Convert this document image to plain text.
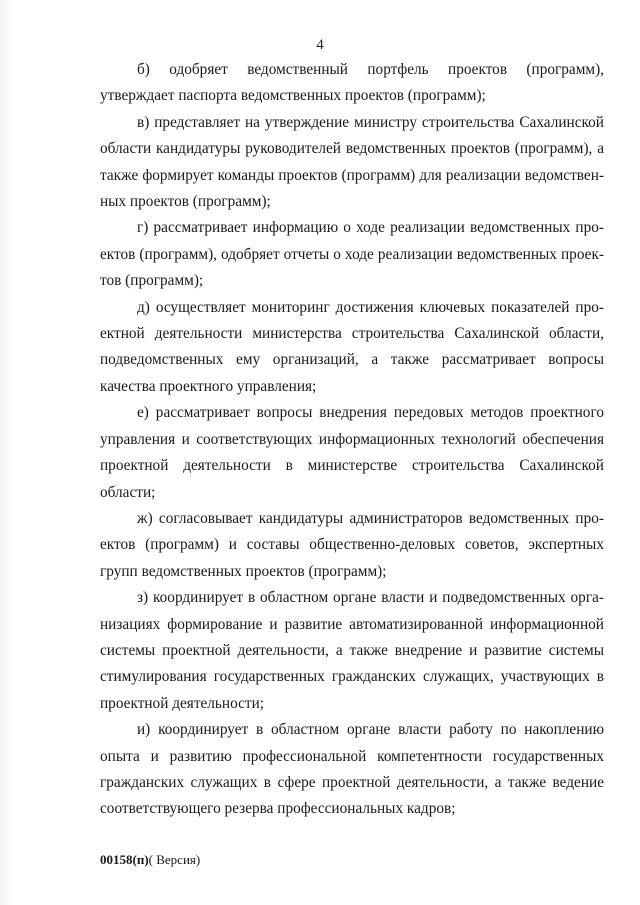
4

б) одобряет ведомственный портфель проектов (программ), утверждает паспорта ведомственных проектов (программ);

в) представляет на утверждение министру строительства Сахалинской области кандидатуры руководителей ведомственных проектов (программ), а также формирует команды проектов (программ) для реализации ведомственных проектов (программ);

г) рассматривает информацию о ходе реализации ведомственных проектов (программ), одобряет отчеты о ходе реализации ведомственных проектов (программ);

д) осуществляет мониторинг достижения ключевых показателей проектной деятельности министерства строительства Сахалинской области, подведомственных ему организаций, а также рассматривает вопросы качества проектного управления;

е) рассматривает вопросы внедрения передовых методов проектного управления и соответствующих информационных технологий обеспечения проектной деятельности в министерстве строительства Сахалинской области;

ж) согласовывает кандидатуры администраторов ведомственных проектов (программ) и составы общественно-деловых советов, экспертных групп ведомственных проектов (программ);

з) координирует в областном органе власти и подведомственных организациях формирование и развитие автоматизированной информационной системы проектной деятельности, а также внедрение и развитие системы стимулирования государственных гражданских служащих, участвующих в проектной деятельности;

и) координирует в областном органе власти работу по накоплению опыта и развитию профессиональной компетентности государственных гражданских служащих в сфере проектной деятельности, а также ведение соответствующего резерва профессиональных кадров;

00158(п)( Версия)
